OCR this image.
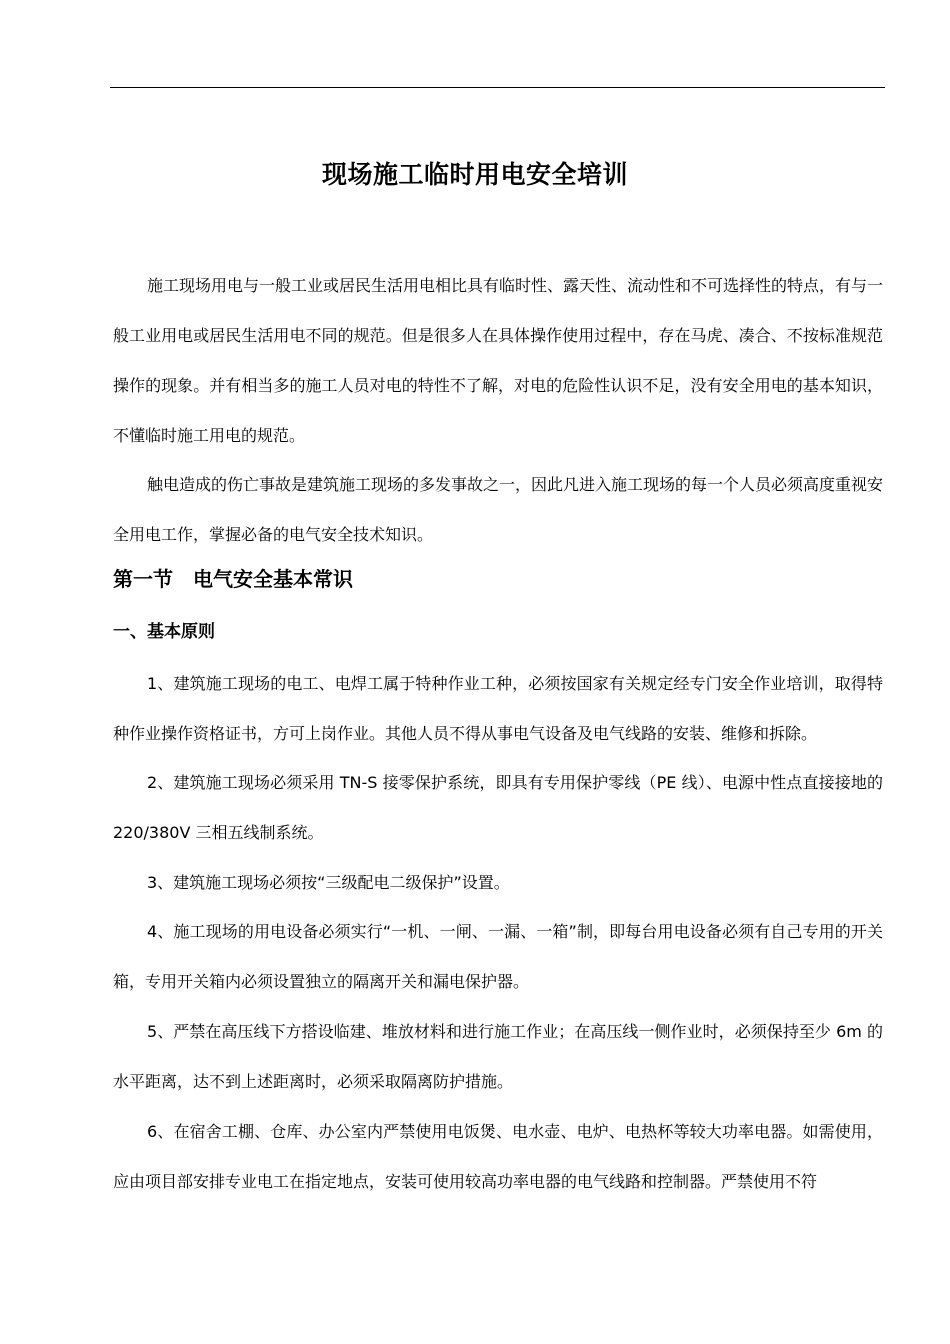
现场施工临时用电安全培训

施工现场用电与一般工业或居民生活用电相比具有临时性、露天性、流动性和不可选择性的特点，有与一般工业用电或居民生活用电不同的规范。但是很多人在具体操作使用过程中，存在马虎、凑合、不按标准规范操作的现象。并有相当多的施工人员对电的特性不了解，对电的危险性认识不足，没有安全用电的基本知识，不懂临时施工用电的规范。

触电造成的伤亡事故是建筑施工现场的多发事故之一，因此凡进入施工现场的每一个人员必须高度重视安全用电工作，掌握必备的电气安全技术知识。

第一节　电气安全基本常识
一、基本原则

1、建筑施工现场的电工、电焊工属于特种作业工种，必须按国家有关规定经专门安全作业培训，取得特种作业操作资格证书，方可上岗作业。其他人员不得从事电气设备及电气线路的安装、维修和拆除。

2、建筑施工现场必须采用 TN-S 接零保护系统，即具有专用保护零线（PE 线）、电源中性点直接接地的 220/380V 三相五线制系统。

3、建筑施工现场必须按“三级配电二级保护”设置。

4、施工现场的用电设备必须实行“一机、一闸、一漏、一箱”制，即每台用电设备必须有自己专用的开关箱，专用开关箱内必须设置独立的隔离开关和漏电保护器。

5、严禁在高压线下方搭设临建、堆放材料和进行施工作业；在高压线一侧作业时，必须保持至少 6m 的水平距离，达不到上述距离时，必须采取隔离防护措施。

6、在宿舍工棚、仓库、办公室内严禁使用电饭煲、电水壶、电炉、电热杯等较大功率电器。如需使用，应由项目部安排专业电工在指定地点，安装可使用较高功率电器的电气线路和控制器。严禁使用不符
